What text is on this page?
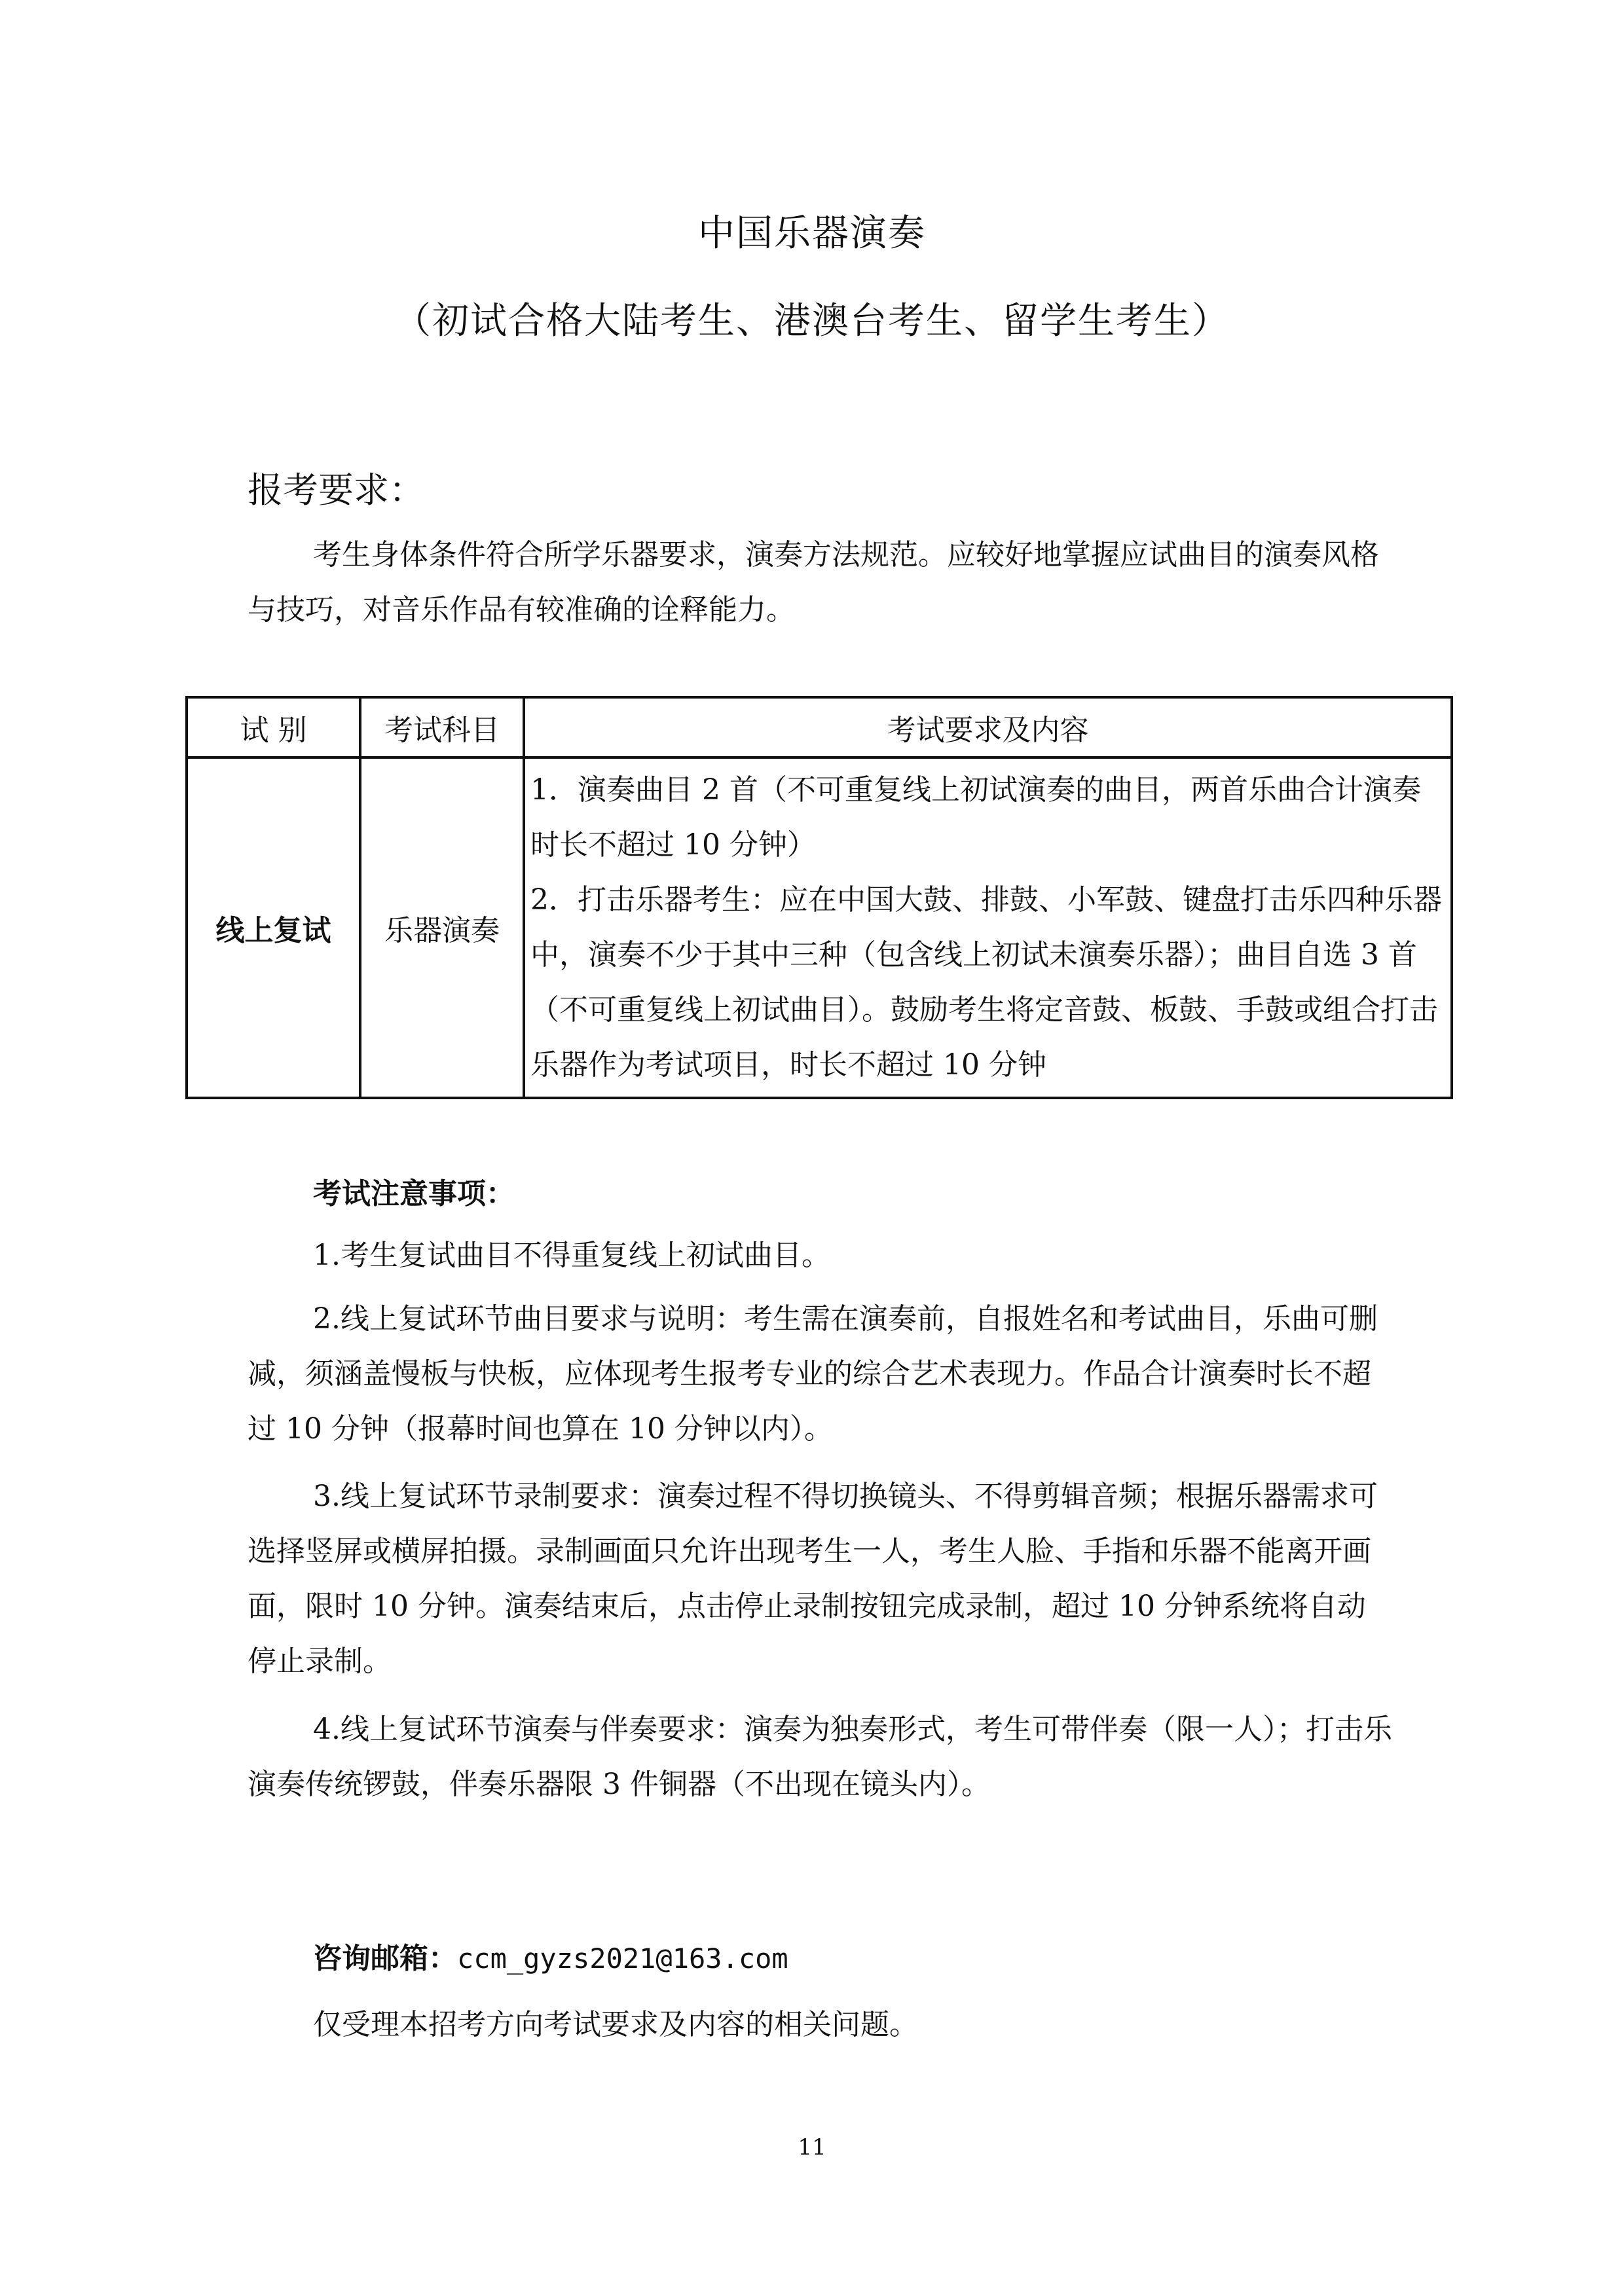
中国乐器演奏
（初试合格大陆考生、港澳台考生、留学生考生）
报考要求：
考生身体条件符合所学乐器要求，演奏方法规范。应较好地掌握应试曲目的演奏风格与技巧，对音乐作品有较准确的诠释能力。
试 别	考试科目	考试要求及内容
线上复试	乐器演奏	1．演奏曲目 2 首（不可重复线上初试演奏的曲目，两首乐曲合计演奏时长不超过 10 分钟）
2．打击乐器考生：应在中国大鼓、排鼓、小军鼓、键盘打击乐四种乐器中，演奏不少于其中三种（包含线上初试未演奏乐器）；曲目自选 3 首（不可重复线上初试曲目）。鼓励考生将定音鼓、板鼓、手鼓或组合打击乐器作为考试项目，时长不超过 10 分钟
考试注意事项：
1.考生复试曲目不得重复线上初试曲目。
2.线上复试环节曲目要求与说明：考生需在演奏前，自报姓名和考试曲目，乐曲可删减，须涵盖慢板与快板，应体现考生报考专业的综合艺术表现力。作品合计演奏时长不超过 10 分钟（报幕时间也算在 10 分钟以内）。
3.线上复试环节录制要求：演奏过程不得切换镜头、不得剪辑音频；根据乐器需求可选择竖屏或横屏拍摄。录制画面只允许出现考生一人，考生人脸、手指和乐器不能离开画面，限时 10 分钟。演奏结束后，点击停止录制按钮完成录制，超过 10 分钟系统将自动停止录制。
4.线上复试环节演奏与伴奏要求：演奏为独奏形式，考生可带伴奏（限一人）；打击乐演奏传统锣鼓，伴奏乐器限 3 件铜器（不出现在镜头内）。
咨询邮箱：ccm_gyzs2021@163.com
仅受理本招考方向考试要求及内容的相关问题。
11
